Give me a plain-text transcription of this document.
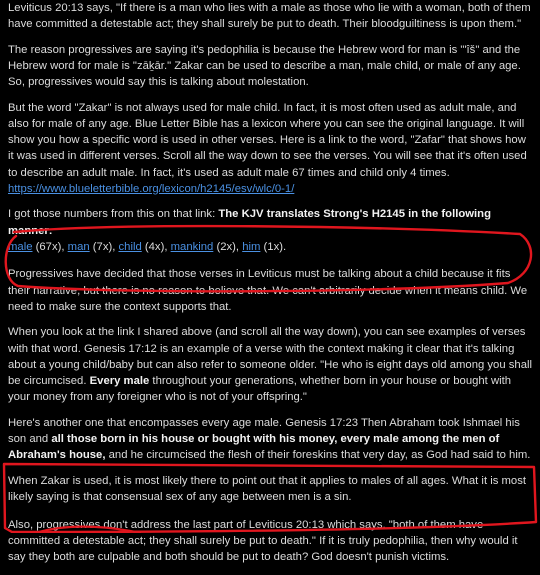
Leviticus 20:13 says, "If there is a man who lies with a male as those who lie with a woman, both of them have committed a detestable act; they shall surely be put to death. Their bloodguiltiness is upon them."

The reason progressives are saying it's pedophilia is because the Hebrew word for man is "'îš" and the Hebrew word for male is "zāḵār." Zakar can be used to describe a man, male child, or male of any age. So, progressives would say this is talking about molestation.

But the word "Zakar" is not always used for male child. In fact, it is most often used as adult male, and also for male of any age. Blue Letter Bible has a lexicon where you can see the original language. It will show you how a specific word is used in other verses. Here is a link to the word, "Zafar" that shows how it was used in different verses. Scroll all the way down to see the verses. You will see that it's often used to describe an adult male. In fact, it's used as adult male 67 times and child only 4 times. https://www.blueletterbible.org/lexicon/h2145/esv/wlc/0-1/

I got those numbers from this on that link: The KJV translates Strong's H2145 in the following manner:
male (67x), man (7x), child (4x), mankind (2x), him (1x).

Progressives have decided that those verses in Leviticus must be talking about a child because it fits their narrative, but there is no reason to believe that. We can't arbitrarily decide when it means child. We need to make sure the context supports that.

When you look at the link I shared above (and scroll all the way down), you can see examples of verses with that word. Genesis 17:12 is an example of a verse with the context making it clear that it's talking about a young child/baby but can also refer to someone older. "He who is eight days old among you shall be circumcised. Every male throughout your generations, whether born in your house or bought with your money from any foreigner who is not of your offspring."

Here's another one that encompasses every age male. Genesis 17:23 Then Abraham took Ishmael his son and all those born in his house or bought with his money, every male among the men of Abraham's house, and he circumcised the flesh of their foreskins that very day, as God had said to him.

When Zakar is used, it is most likely there to point out that it applies to males of all ages. What it is most likely saying is that consensual sex of any age between men is a sin.

Also, progressives don't address the last part of Leviticus 20:13 which says, "both of them have committed a detestable act; they shall surely be put to death." If it is truly pedophilia, then why would it say they both are culpable and both should be put to death? God doesn't punish victims.
